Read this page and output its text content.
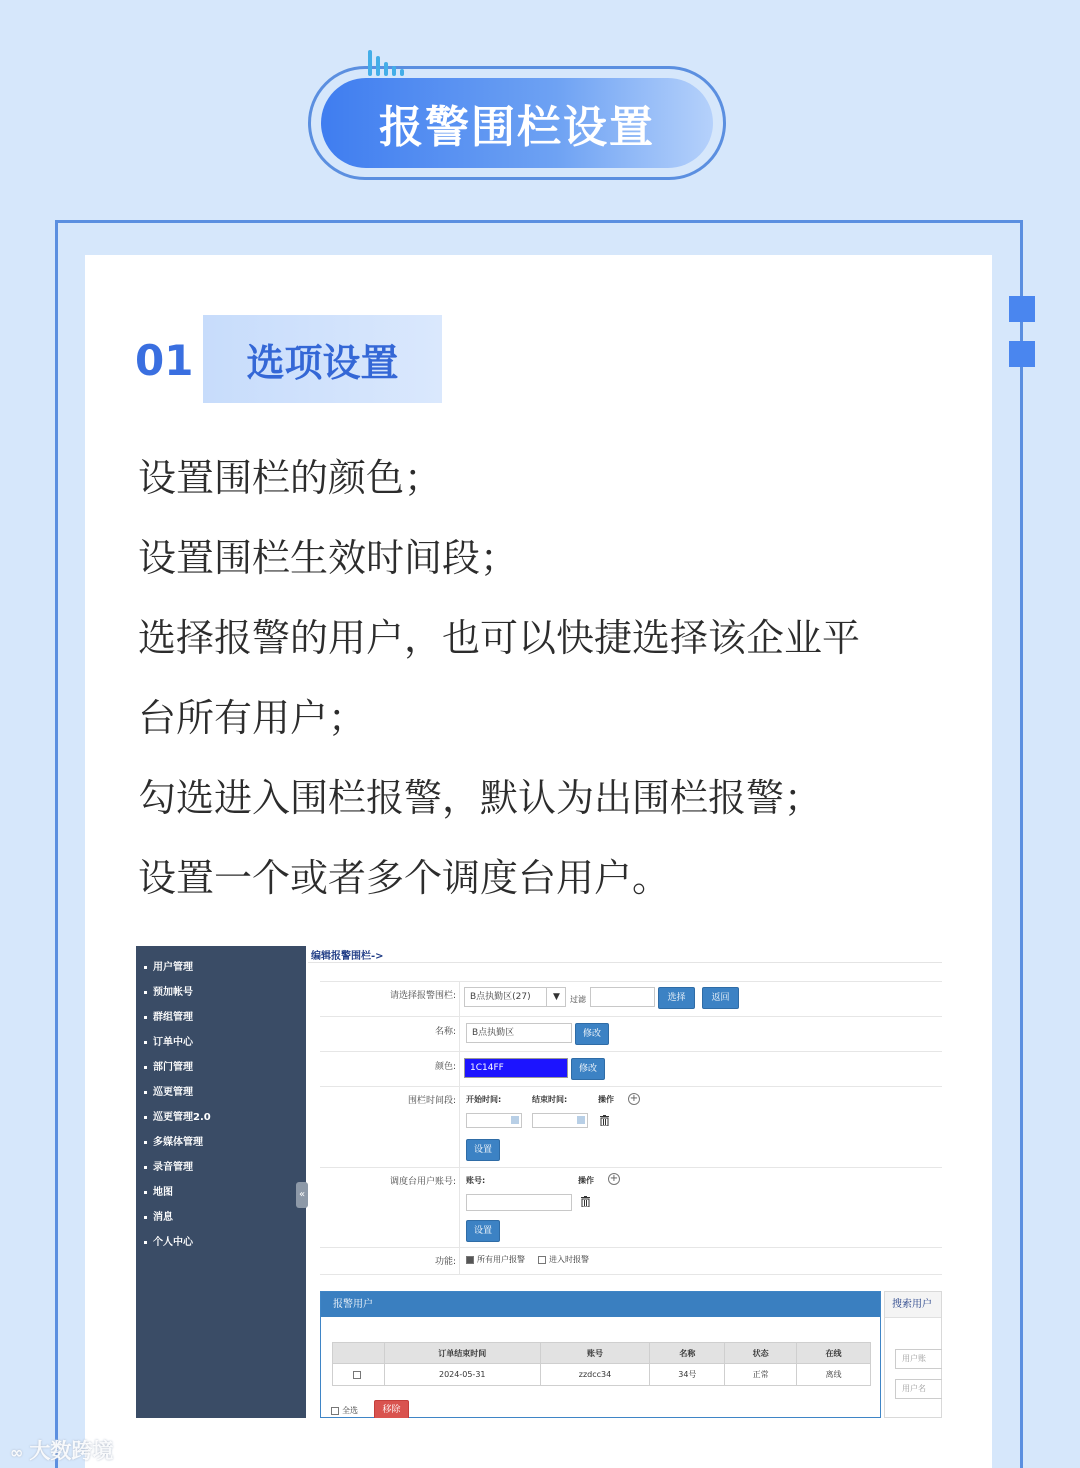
报警围栏设置
01 选项设置

设置围栏的颜色；

设置围栏生效时间段；

选择报警的用户，也可以快捷选择该企业平

台所有用户；

勾选进入围栏报警，默认为出围栏报警；

设置一个或者多个调度台用户。

用户管理
预加帐号
群组管理
订单中心
部门管理
巡更管理
巡更管理2.0
多媒体管理
录音管理
地图
消息
个人中心
«
编辑报警围栏->
请选择报警围栏:	B点执勤区(27)	▼	过滤	选择	返回
名称:	B点执勤区	修改
颜色:	1C14FF	修改
围栏时间段: 开始时间:	结束时间:	操作 +
设置
调度台用户账号: 账号:	操作 +
设置
功能:	所有用户报警	进入时报警
报警用户
	订单结束时间	账号	名称	状态	在线
	2024-05-31	zzdcc34	34号	正常	离线
全选	移除
搜索用户
用户账
用户名
∞ 大数跨境
